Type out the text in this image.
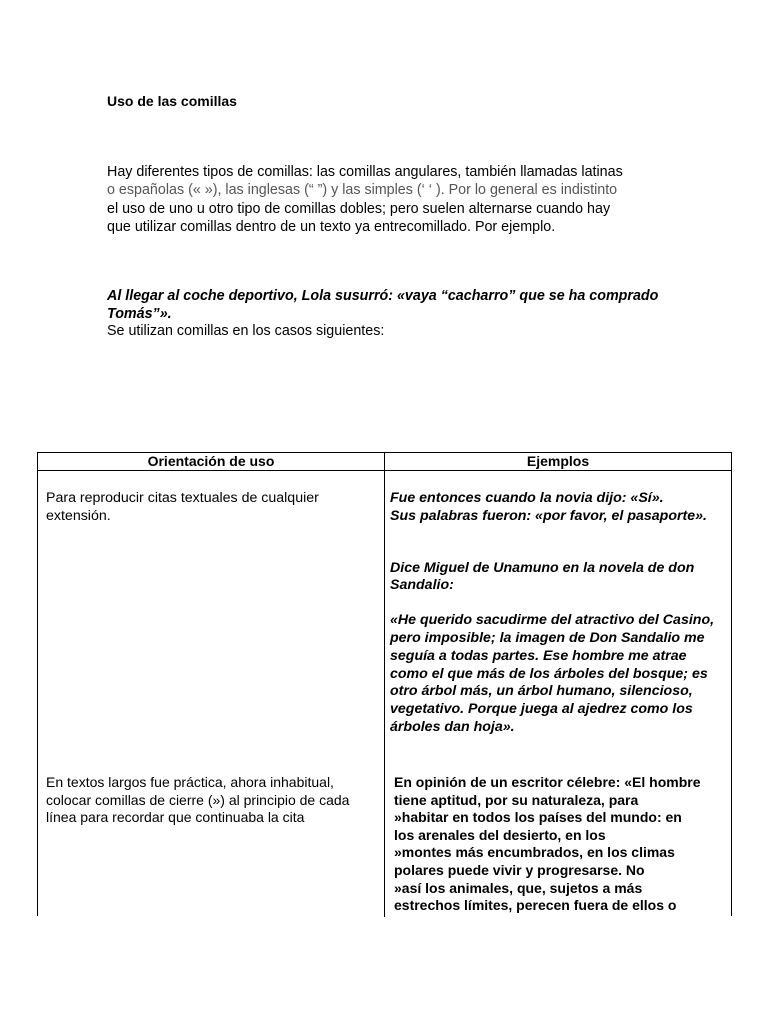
Uso de las comillas

Hay diferentes tipos de comillas: las comillas angulares, también llamadas latinas
o españolas (« »), las inglesas (“ ”) y las simples (‘ ‘ ). Por lo general es indistinto
el uso de uno u otro tipo de comillas dobles; pero suelen alternarse cuando hay
que utilizar comillas dentro de un texto ya entrecomillado. Por ejemplo.

Al llegar al coche deportivo, Lola susurró: «vaya “cacharro” que se ha comprado Tomás”».
Se utilizan comillas en los casos siguientes:

Orientación de uso	Ejemplos
Para reproducir citas textuales de cualquier extensión.
Fue entonces cuando la novia dijo: «Sí».
Sus palabras fueron: «por favor, el pasaporte».
Dice Miguel de Unamuno en la novela de don Sandalio:
«He querido sacudirme del atractivo del Casino, pero imposible; la imagen de Don Sandalio me seguía a todas partes. Ese hombre me atrae como el que más de los árboles del bosque; es otro árbol más, un árbol humano, silencioso, vegetativo. Porque juega al ajedrez como los árboles dan hoja».
En textos largos fue práctica, ahora inhabitual, colocar comillas de cierre (») al principio de cada línea para recordar que continuaba la cita
En opinión de un escritor célebre: «El hombre
tiene aptitud, por su naturaleza, para
»habitar en todos los países del mundo: en
los arenales del desierto, en los
»montes más encumbrados, en los climas
polares puede vivir y progresarse. No
»así los animales, que, sujetos a más
estrechos límites, perecen fuera de ellos o
